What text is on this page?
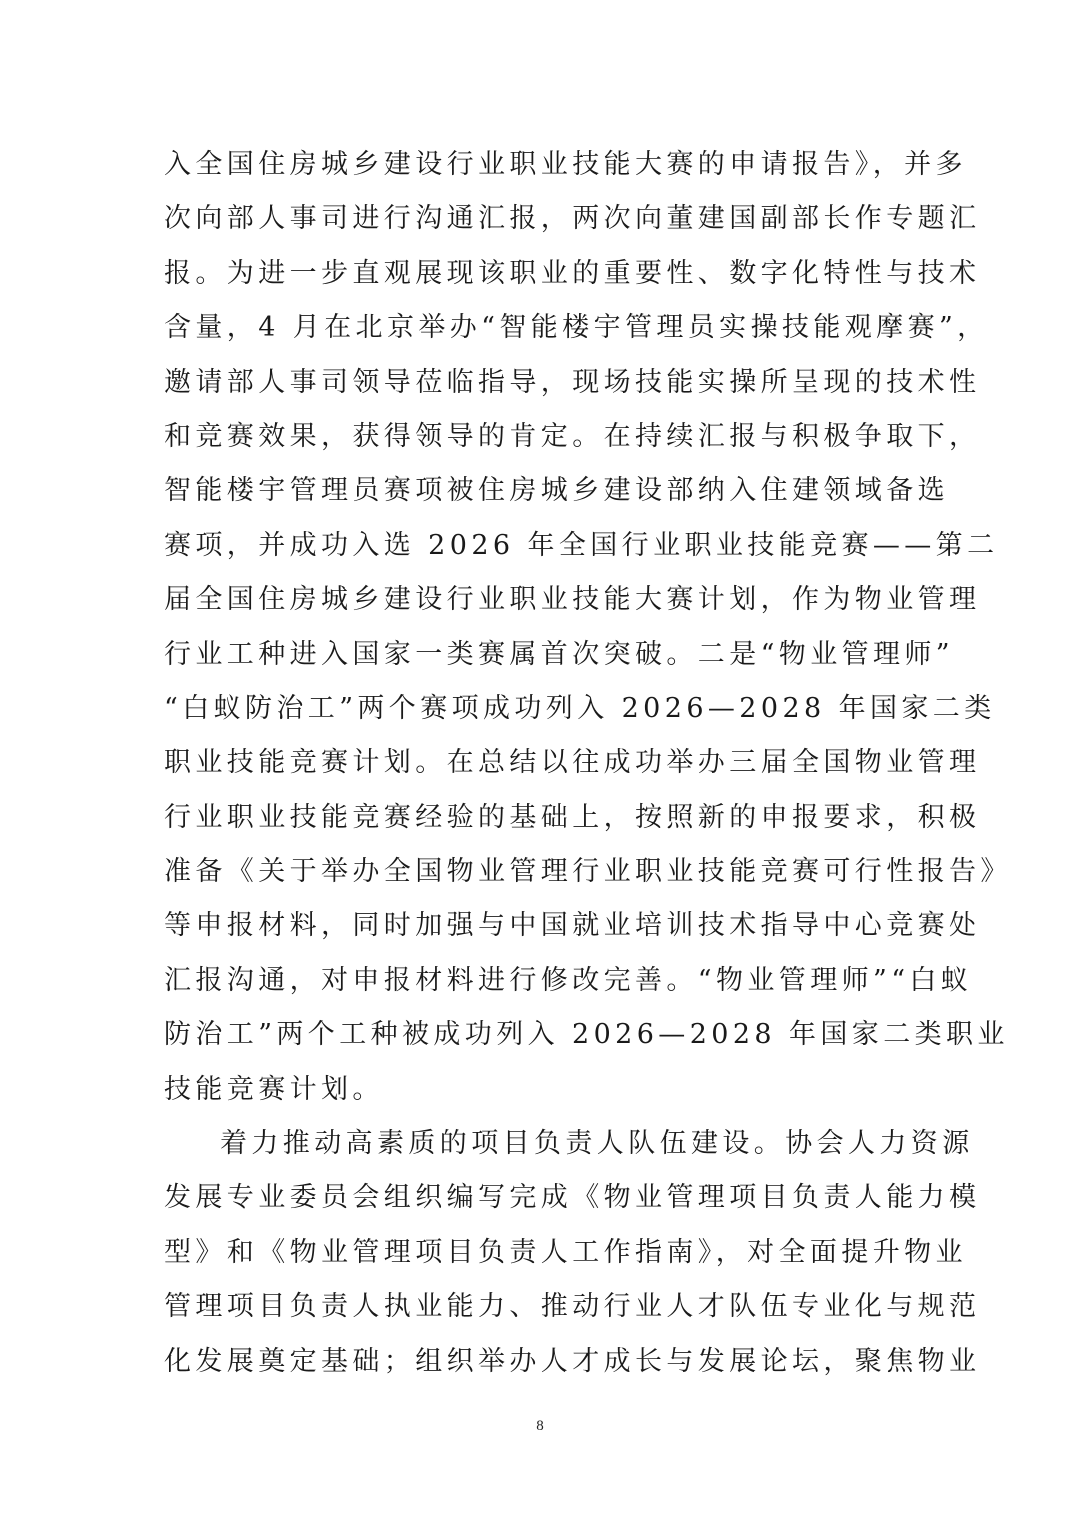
入全国住房城乡建设行业职业技能大赛的申请报告》，并多
次向部人事司进行沟通汇报，两次向董建国副部长作专题汇
报。为进一步直观展现该职业的重要性、数字化特性与技术
含量，4 月在北京举办“智能楼宇管理员实操技能观摩赛”，
邀请部人事司领导莅临指导，现场技能实操所呈现的技术性
和竞赛效果，获得领导的肯定。在持续汇报与积极争取下，
智能楼宇管理员赛项被住房城乡建设部纳入住建领域备选
赛项，并成功入选 2026 年全国行业职业技能竞赛——第二
届全国住房城乡建设行业职业技能大赛计划，作为物业管理
行业工种进入国家一类赛属首次突破。二是“物业管理师”
“白蚁防治工”两个赛项成功列入 2026—2028 年国家二类
职业技能竞赛计划。在总结以往成功举办三届全国物业管理
行业职业技能竞赛经验的基础上，按照新的申报要求，积极
准备《关于举办全国物业管理行业职业技能竞赛可行性报告》
等申报材料，同时加强与中国就业培训技术指导中心竞赛处
汇报沟通，对申报材料进行修改完善。“物业管理师”“白蚁
防治工”两个工种被成功列入 2026—2028 年国家二类职业
技能竞赛计划。
着力推动高素质的项目负责人队伍建设。协会人力资源
发展专业委员会组织编写完成《物业管理项目负责人能力模
型》和《物业管理项目负责人工作指南》，对全面提升物业
管理项目负责人执业能力、推动行业人才队伍专业化与规范
化发展奠定基础；组织举办人才成长与发展论坛，聚焦物业
8
